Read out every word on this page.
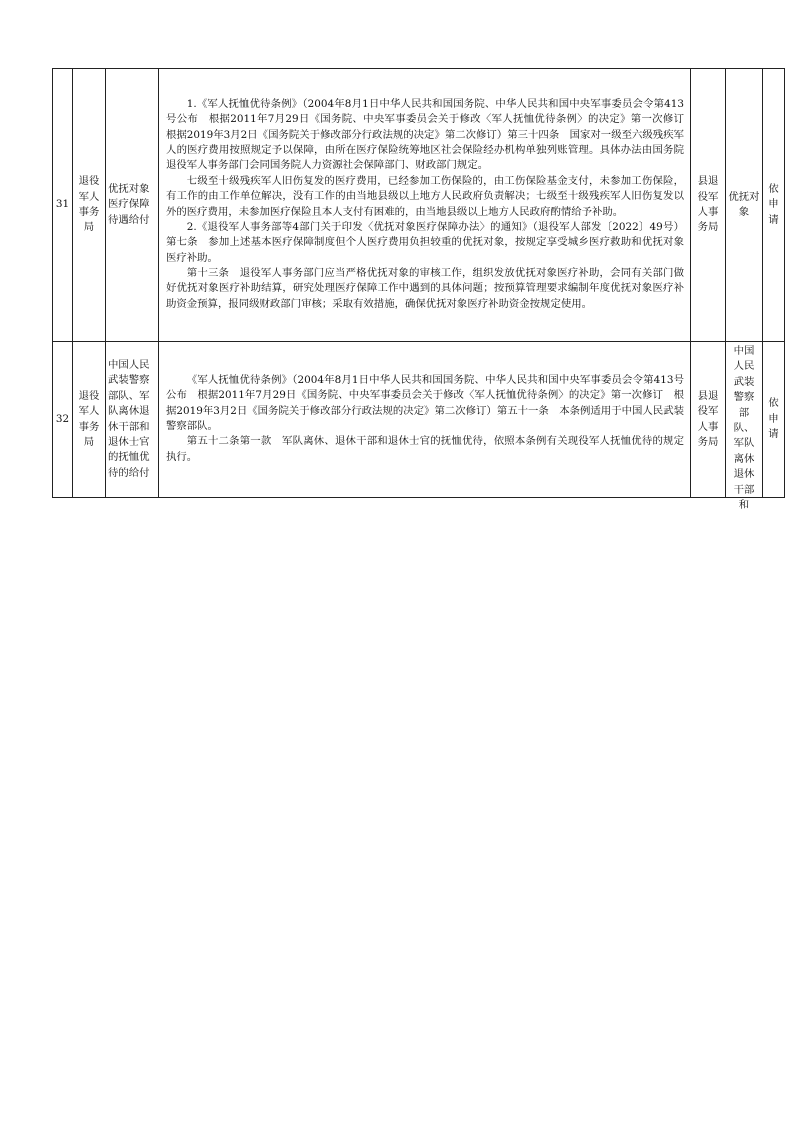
31	退役军人事务局	优抚对象医疗保障待遇给付	1.《军人抚恤优待条例》（2004年8月1日中华人民共和国国务院、中华人民共和国中央军事委员会令第413号公布　根据2011年7月29日《国务院、中央军事委员会关于修改〈军人抚恤优待条例〉的决定》第一次修订　根据2019年3月2日《国务院关于修改部分行政法规的决定》第二次修订）第三十四条　国家对一级至六级残疾军人的医疗费用按照规定予以保障，由所在医疗保险统筹地区社会保险经办机构单独列账管理。具体办法由国务院退役军人事务部门会同国务院人力资源社会保障部门、财政部门规定。

七级至十级残疾军人旧伤复发的医疗费用，已经参加工伤保险的，由工伤保险基金支付，未参加工伤保险，有工作的由工作单位解决，没有工作的由当地县级以上地方人民政府负责解决；七级至十级残疾军人旧伤复发以外的医疗费用，未参加医疗保险且本人支付有困难的，由当地县级以上地方人民政府酌情给予补助。

2.《退役军人事务部等4部门关于印发〈优抚对象医疗保障办法〉的通知》（退役军人部发〔2022〕49号）第七条　参加上述基本医疗保障制度但个人医疗费用负担较重的优抚对象，按规定享受城乡医疗救助和优抚对象医疗补助。

第十三条　退役军人事务部门应当严格优抚对象的审核工作，组织发放优抚对象医疗补助，会同有关部门做好优抚对象医疗补助结算，研究处理医疗保障工作中遇到的具体问题；按预算管理要求编制年度优抚对象医疗补助资金预算，报同级财政部门审核；采取有效措施，确保优抚对象医疗补助资金按规定使用。	县退役军人事务局	优抚对象	依申请

32	退役军人事务局	中国人民武装警察部队、军队离休退休干部和退休士官的抚恤优待的给付	《军人抚恤优待条例》（2004年8月1日中华人民共和国国务院、中华人民共和国中央军事委员会令第413号公布　根据2011年7月29日《国务院、中央军事委员会关于修改〈军人抚恤优待条例〉的决定》第一次修订　根据2019年3月2日《国务院关于修改部分行政法规的决定》第二次修订）第五十一条　本条例适用于中国人民武装警察部队。

第五十二条第一款　军队离休、退休干部和退休士官的抚恤优待，依照本条例有关现役军人抚恤优待的规定执行。	县退役军人事务局	中国人民武装警察部队、军队离休退休干部和	依申请
